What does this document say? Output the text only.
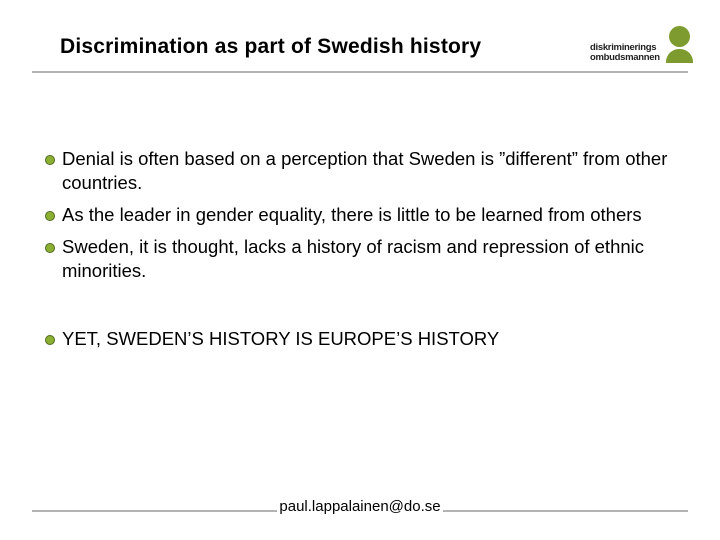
Discrimination as part of Swedish history	diskriminerings
ombudsmannen
Denial is often based on a perception that Sweden is ”different” from other countries.
As the leader in gender equality, there is little to be learned from others
Sweden, it is thought, lacks a history of racism and repression of ethnic minorities.
YET, SWEDEN’S HISTORY IS EUROPE’S HISTORY
paul.lappalainen@do.se
